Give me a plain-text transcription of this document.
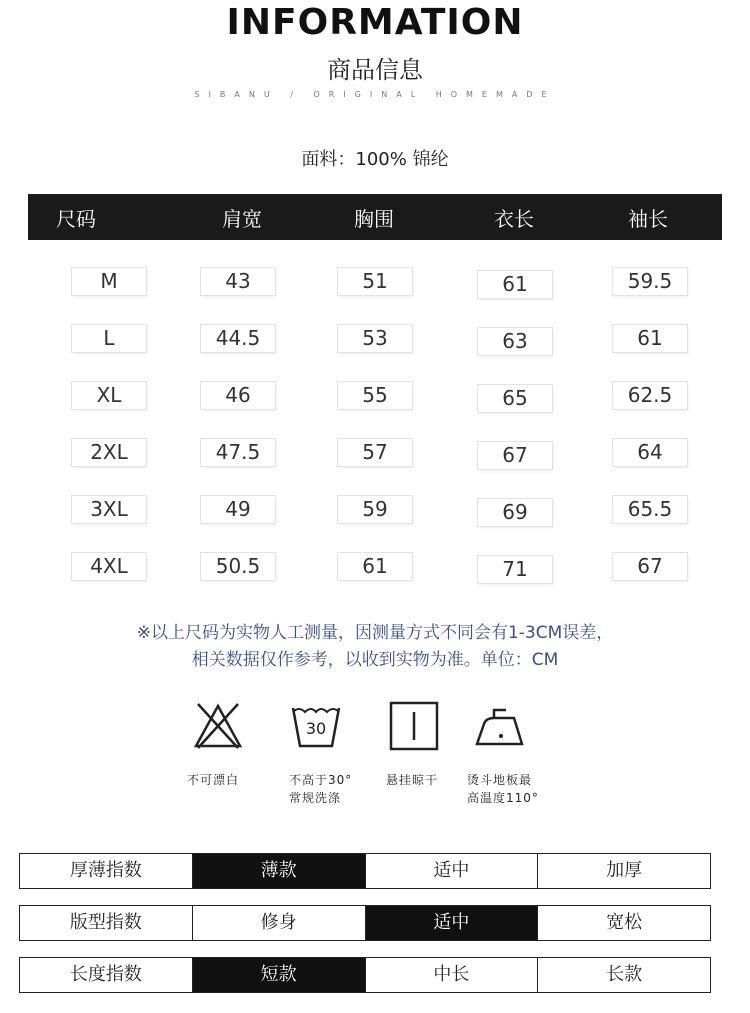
INFORMATION
商品信息
SIBANU / ORIGINAL HOMEMADE
面料：100% 锦纶
尺码	肩宽	胸围	衣长	袖长
M	43	51	61	59.5
L	44.5	53	63	61
XL	46	55	65	62.5
2XL	47.5	57	67	64
3XL	49	59	69	65.5
4XL	50.5	61	71	67
※以上尺码为实物人工测量，因测量方式不同会有1-3CM误差，
相关数据仅作参考，以收到实物为准。单位：CM
30
不可漂白	不高于30°
常规洗涤
悬挂晾干 烫斗地板最
高温度110°
厚薄指数	薄款	适中	加厚
版型指数	修身	适中	宽松
长度指数	短款	中长	长款
